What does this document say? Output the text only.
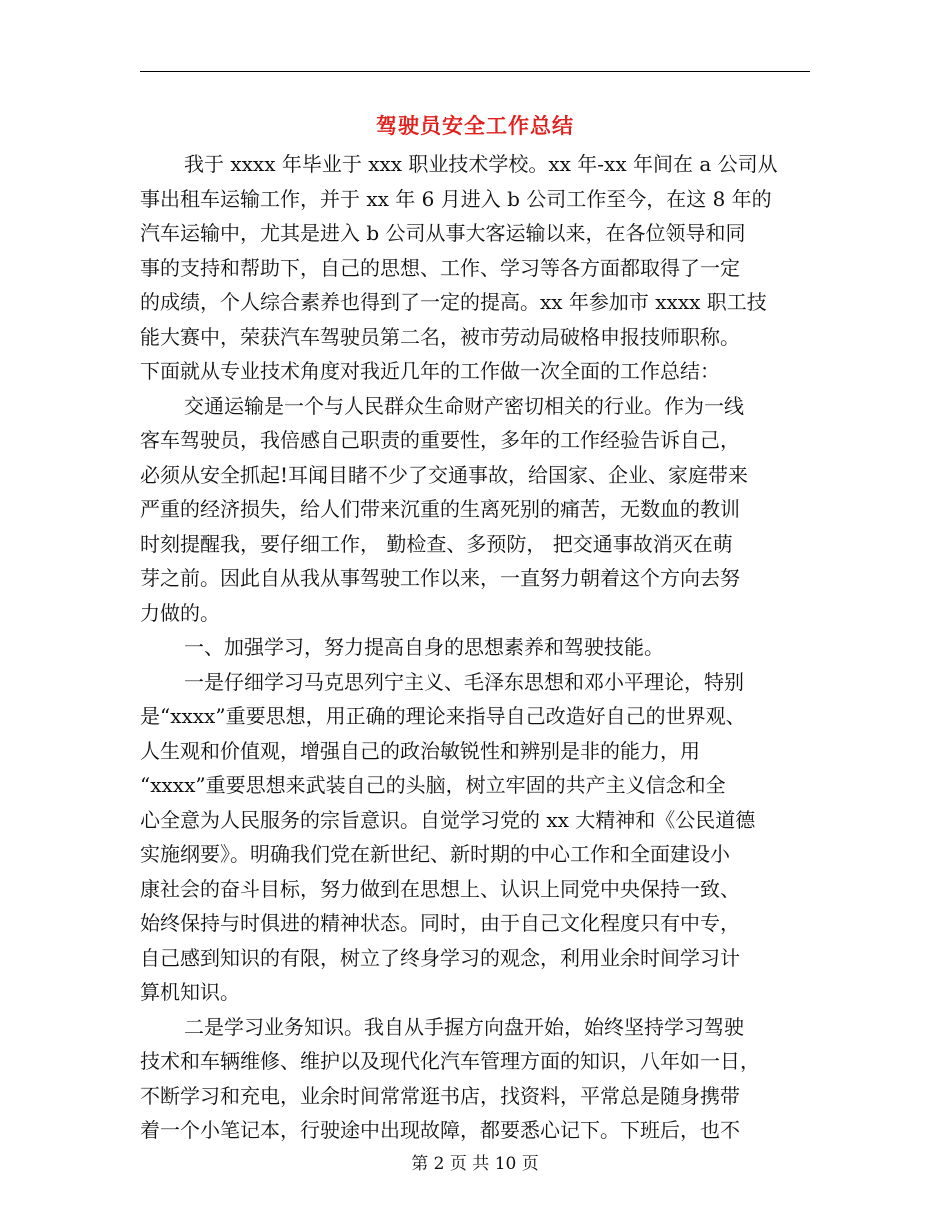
驾驶员安全工作总结
我于 xxxx 年毕业于 xxx 职业技术学校。xx 年-xx 年间在 a 公司从
事出租车运输工作，并于 xx 年 6 月进入 b 公司工作至今，在这 8 年的
汽车运输中，尤其是进入 b 公司从事大客运输以来，在各位领导和同
事的支持和帮助下，自己的思想、工作、学习等各方面都取得了一定
的成绩，个人综合素养也得到了一定的提高。xx 年参加市 xxxx 职工技
能大赛中，荣获汽车驾驶员第二名，被市劳动局破格申报技师职称。
下面就从专业技术角度对我近几年的工作做一次全面的工作总结：
交通运输是一个与人民群众生命财产密切相关的行业。作为一线
客车驾驶员，我倍感自己职责的重要性，多年的工作经验告诉自己，
必须从安全抓起!耳闻目睹不少了交通事故，给国家、企业、家庭带来
严重的经济损失，给人们带来沉重的生离死别的痛苦，无数血的教训
时刻提醒我，要仔细工作， 勤检查、多预防， 把交通事故消灭在萌
芽之前。因此自从我从事驾驶工作以来，一直努力朝着这个方向去努
力做的。
一、加强学习，努力提高自身的思想素养和驾驶技能。
一是仔细学习马克思列宁主义、毛泽东思想和邓小平理论，特别
是“xxxx”重要思想，用正确的理论来指导自己改造好自己的世界观、
人生观和价值观，增强自己的政治敏锐性和辨别是非的能力，用
“xxxx”重要思想来武装自己的头脑，树立牢固的共产主义信念和全
心全意为人民服务的宗旨意识。自觉学习党的 xx 大精神和《公民道德
实施纲要》。明确我们党在新世纪、新时期的中心工作和全面建设小
康社会的奋斗目标，努力做到在思想上、认识上同党中央保持一致、
始终保持与时俱进的精神状态。同时，由于自己文化程度只有中专，
自己感到知识的有限，树立了终身学习的观念，利用业余时间学习计
算机知识。
二是学习业务知识。我自从手握方向盘开始，始终坚持学习驾驶
技术和车辆维修、维护以及现代化汽车管理方面的知识，八年如一日，
不断学习和充电，业余时间常常逛书店，找资料，平常总是随身携带
着一个小笔记本，行驶途中出现故障，都要悉心记下。下班后，也不
第 2 页 共 10 页
